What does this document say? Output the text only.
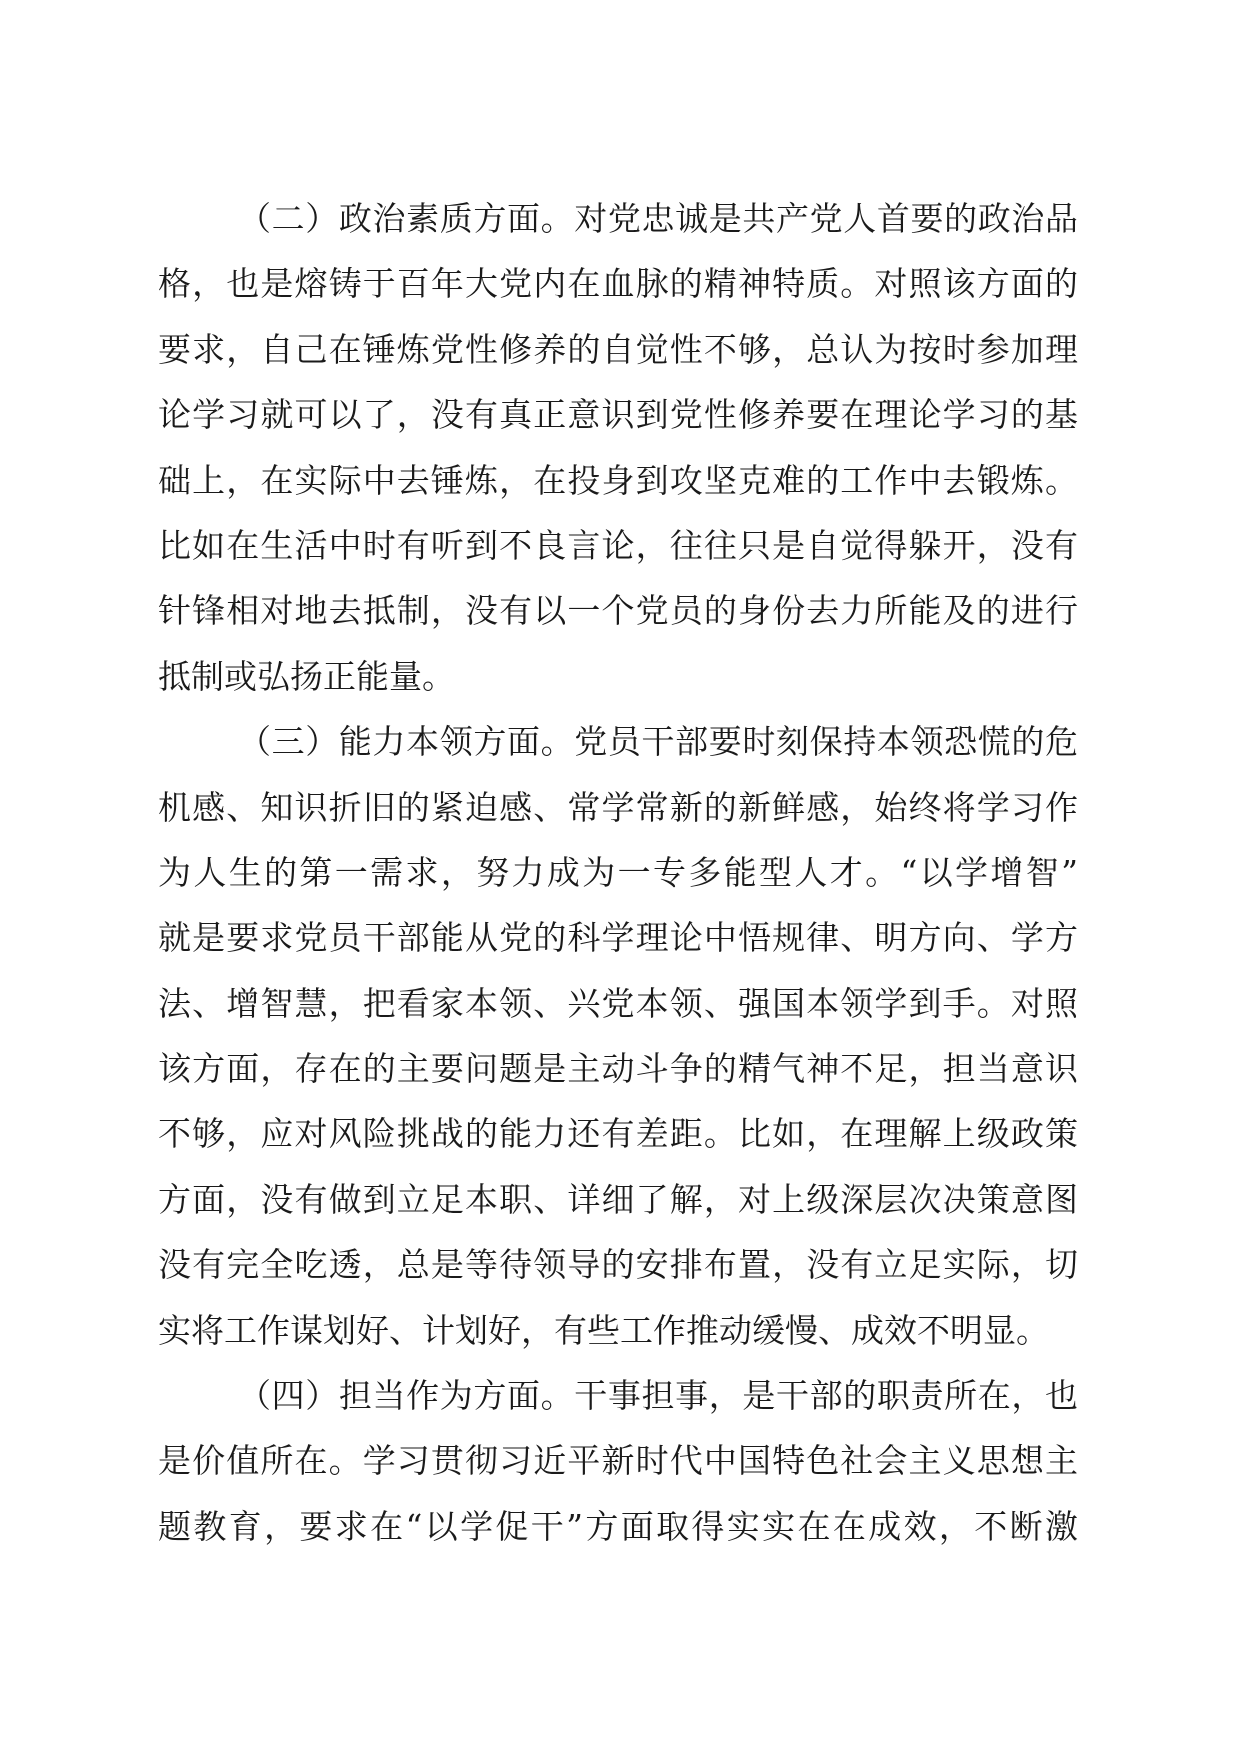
（二）政治素质方面。对党忠诚是共产党人首要的政治品
格，也是熔铸于百年大党内在血脉的精神特质。对照该方面的
要求，自己在锤炼党性修养的自觉性不够，总认为按时参加理
论学习就可以了，没有真正意识到党性修养要在理论学习的基
础上，在实际中去锤炼，在投身到攻坚克难的工作中去锻炼。
比如在生活中时有听到不良言论，往往只是自觉得躲开，没有
针锋相对地去抵制，没有以一个党员的身份去力所能及的进行
抵制或弘扬正能量。
（三）能力本领方面。党员干部要时刻保持本领恐慌的危
机感、知识折旧的紧迫感、常学常新的新鲜感，始终将学习作
为人生的第一需求，努力成为一专多能型人才。“以学增智”
就是要求党员干部能从党的科学理论中悟规律、明方向、学方
法、增智慧，把看家本领、兴党本领、强国本领学到手。对照
该方面，存在的主要问题是主动斗争的精气神不足，担当意识
不够，应对风险挑战的能力还有差距。比如，在理解上级政策
方面，没有做到立足本职、详细了解，对上级深层次决策意图
没有完全吃透，总是等待领导的安排布置，没有立足实际，切
实将工作谋划好、计划好，有些工作推动缓慢、成效不明显。
（四）担当作为方面。干事担事，是干部的职责所在，也
是价值所在。学习贯彻习近平新时代中国特色社会主义思想主
题教育，要求在“以学促干”方面取得实实在在成效，不断激
